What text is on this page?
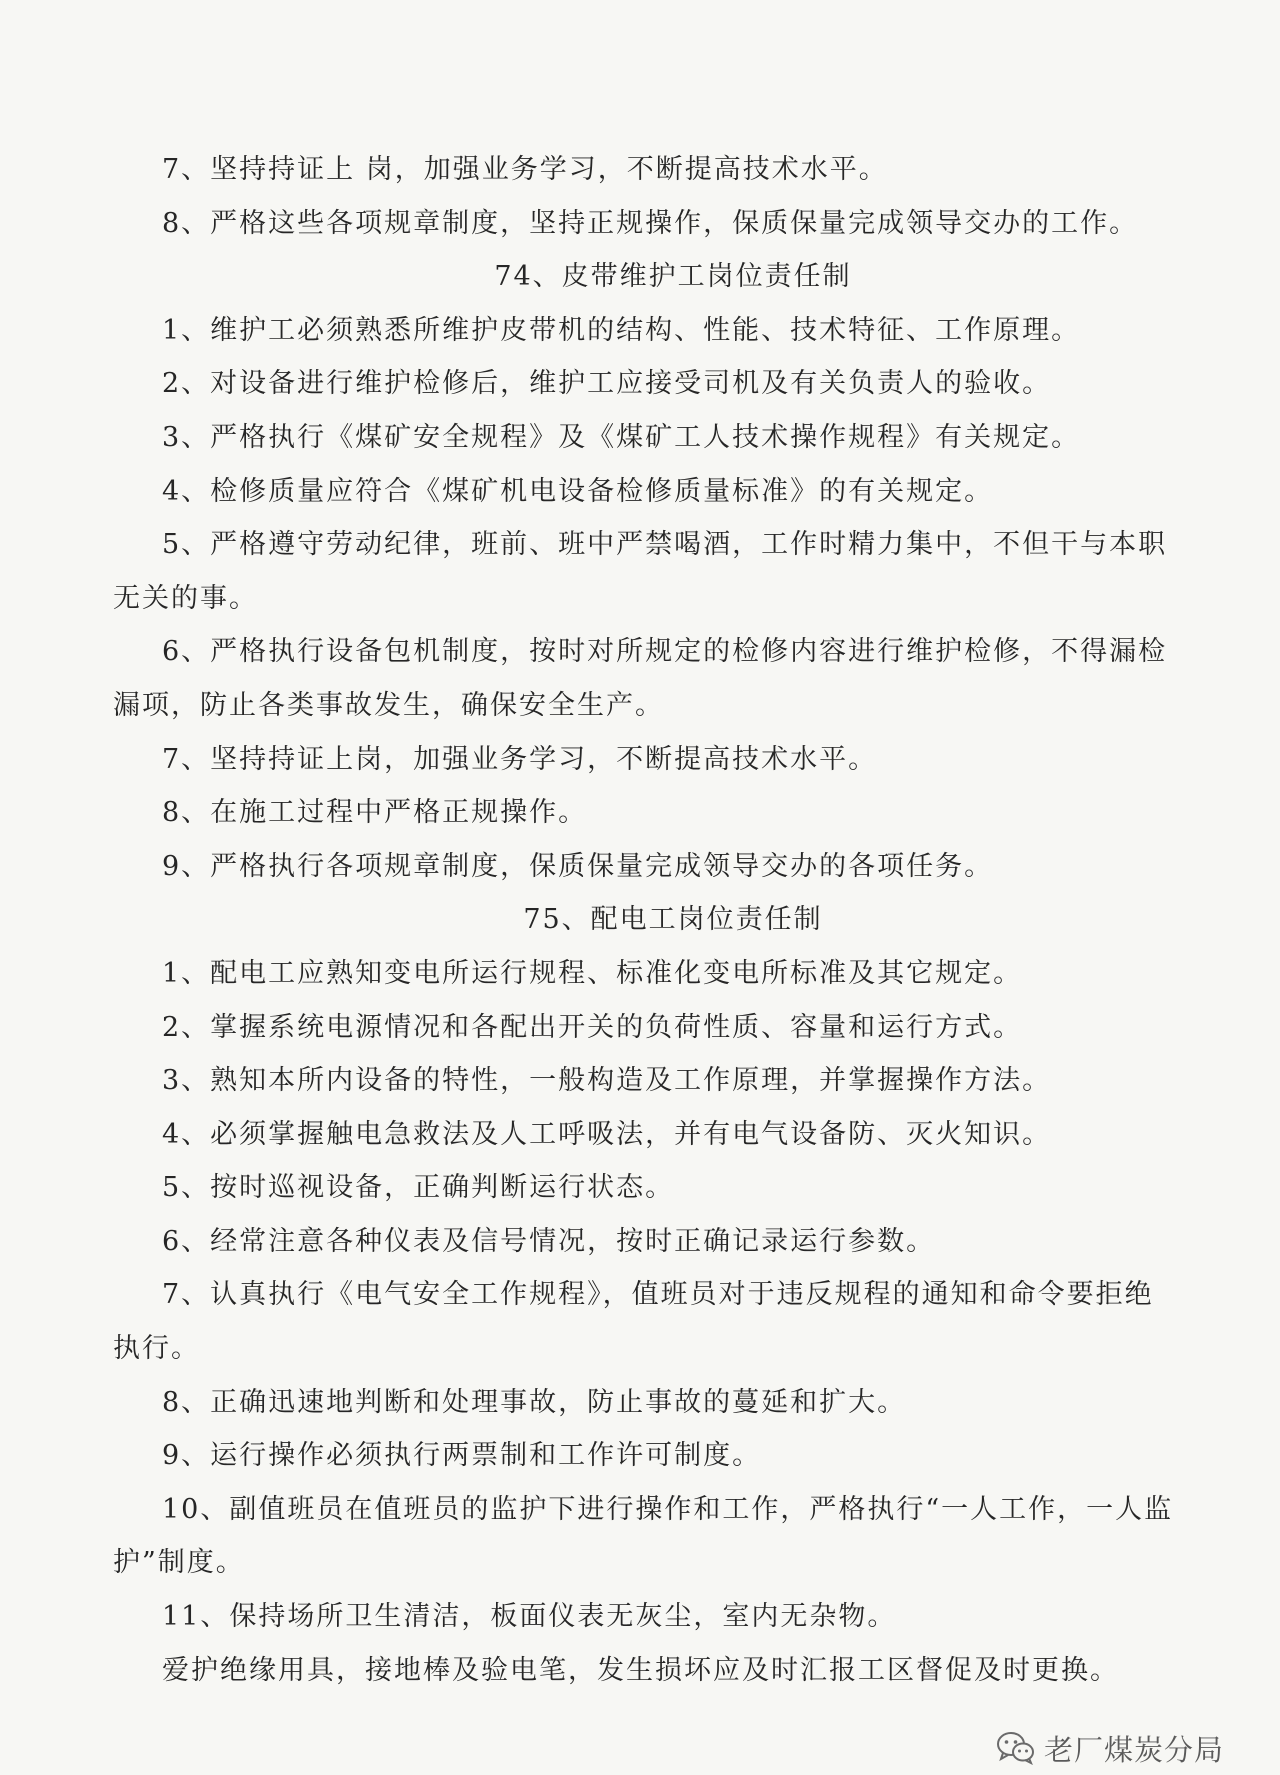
7、坚持持证上 岗，加强业务学习，不断提高技术水平。
8、严格这些各项规章制度，坚持正规操作，保质保量完成领导交办的工作。
74、皮带维护工岗位责任制
1、维护工必须熟悉所维护皮带机的结构、性能、技术特征、工作原理。
2、对设备进行维护检修后，维护工应接受司机及有关负责人的验收。
3、严格执行《煤矿安全规程》及《煤矿工人技术操作规程》有关规定。
4、检修质量应符合《煤矿机电设备检修质量标准》的有关规定。
5、严格遵守劳动纪律，班前、班中严禁喝酒，工作时精力集中，不但干与本职
无关的事。
6、严格执行设备包机制度，按时对所规定的检修内容进行维护检修，不得漏检
漏项，防止各类事故发生，确保安全生产。
7、坚持持证上岗，加强业务学习，不断提高技术水平。
8、在施工过程中严格正规操作。
9、严格执行各项规章制度，保质保量完成领导交办的各项任务。
75、配电工岗位责任制
1、配电工应熟知变电所运行规程、标准化变电所标准及其它规定。
2、掌握系统电源情况和各配出开关的负荷性质、容量和运行方式。
3、熟知本所内设备的特性，一般构造及工作原理，并掌握操作方法。
4、必须掌握触电急救法及人工呼吸法，并有电气设备防、灭火知识。
5、按时巡视设备，正确判断运行状态。
6、经常注意各种仪表及信号情况，按时正确记录运行参数。
7、认真执行《电气安全工作规程》，值班员对于违反规程的通知和命令要拒绝
执行。
8、正确迅速地判断和处理事故，防止事故的蔓延和扩大。
9、运行操作必须执行两票制和工作许可制度。
10、副值班员在值班员的监护下进行操作和工作，严格执行“一人工作，一人监
护”制度。
11、保持场所卫生清洁，板面仪表无灰尘，室内无杂物。
爱护绝缘用具，接地棒及验电笔，发生损坏应及时汇报工区督促及时更换。
老厂煤炭分局
